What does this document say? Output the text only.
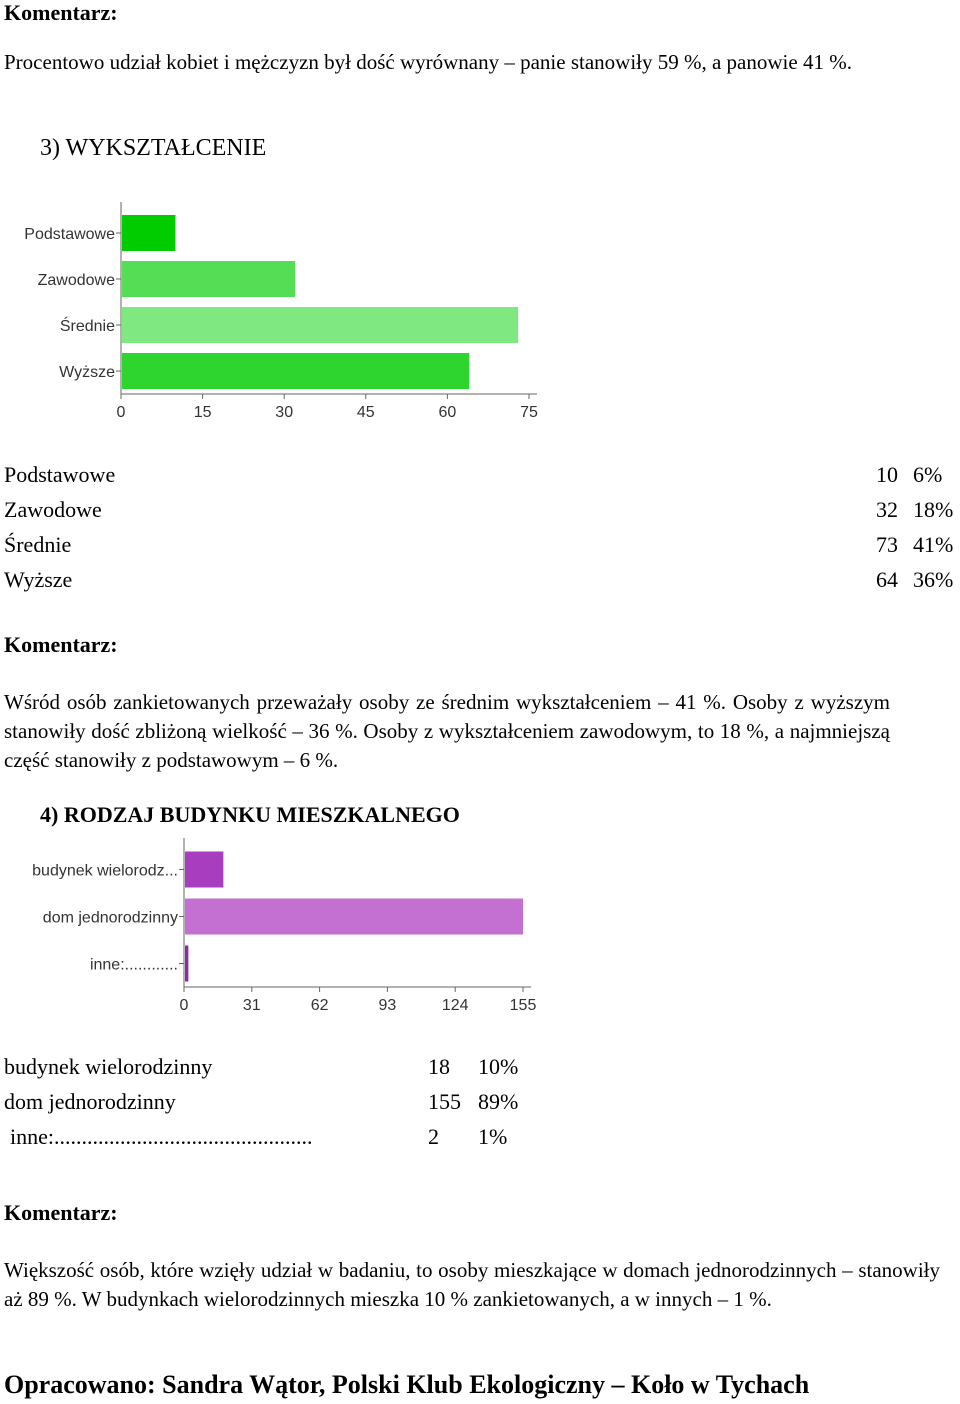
Komentarz:
Procentowo udział kobiet i mężczyzn był dość wyrównany – panie stanowiły 59 %, a panowie 41 %.
3) WYKSZTAŁCENIE
Podstawowe
Zawodowe
Średnie
Wyższe
0	15	30	45	60	75
Podstawowe	10 6%
Zawodowe	32 18%
Średnie	73 41%
Wyższe	64 36%
Komentarz:
Wśród osób zankietowanych przeważały osoby ze średnim wykształceniem – 41 %. Osoby z wyższym stanowiły dość zbliżoną wielkość – 36 %. Osoby z wykształceniem zawodowym, to 18 %, a najmniejszą część stanowiły z podstawowym – 6 %.
4) RODZAJ BUDYNKU MIESZKALNEGO
budynek wielorodz...
dom jednorodzinny
inne:............
0	31	62	93	124	155
budynek wielorodzinny	18 10%
dom jednorodzinny	155 89%
inne:...............................................	2 1%
Komentarz:
Większość osób, które wzięły udział w badaniu, to osoby mieszkające w domach jednorodzinnych – stanowiły aż 89 %. W budynkach wielorodzinnych mieszka 10 % zankietowanych, a w innych – 1 %.
Opracowano: Sandra Wątor, Polski Klub Ekologiczny – Koło w Tychach
